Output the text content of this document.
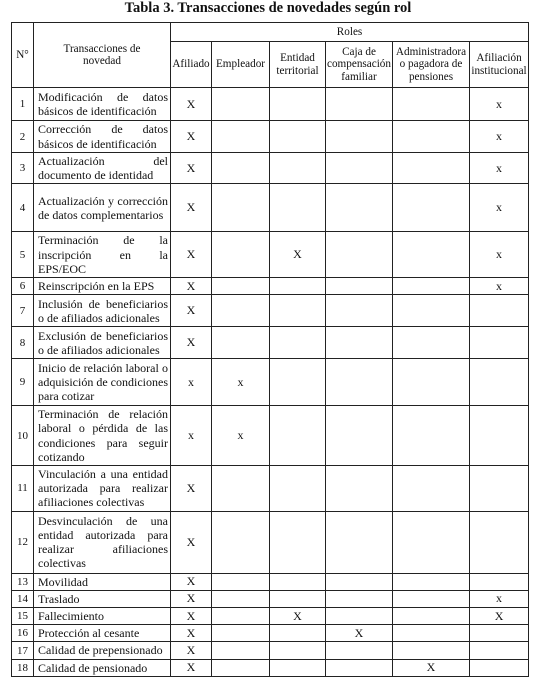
Tabla 3. Transacciones de novedades según rol
N°	Transacciones de novedad	Roles					
		Afiliado	Empleador	Entidad territorial	Caja de compensación familiar	Administradora o pagadora de pensiones	Afiliación institucional
1	Modificación de datos básicos de identificación	X					x
2	Corrección de datos básicos de identificación	X					x
3	Actualización del documento de identidad	X					x
4	Actualización y corrección de datos complementarios	X					x
5	Terminación de la inscripción en la EPS/EOC	X		X			x
6	Reinscripción en la EPS	X					x
7	Inclusión de beneficiarios o de afiliados adicionales	X					
8	Exclusión de beneficiarios o de afiliados adicionales	X					
9	Inicio de relación laboral o adquisición de condiciones para cotizar	x	x				
10	Terminación de relación laboral o pérdida de las condiciones para seguir cotizando	x	x				
11	Vinculación a una entidad autorizada para realizar afiliaciones colectivas	X					
12	Desvinculación de una entidad autorizada para realizar afiliaciones colectivas	X					
13	Movilidad	X					
14	Traslado	X					x
15	Fallecimiento	X		X			X
16	Protección al cesante	X			X		
17	Calidad de prepensionado	X					
18	Calidad de pensionado	X				X	
